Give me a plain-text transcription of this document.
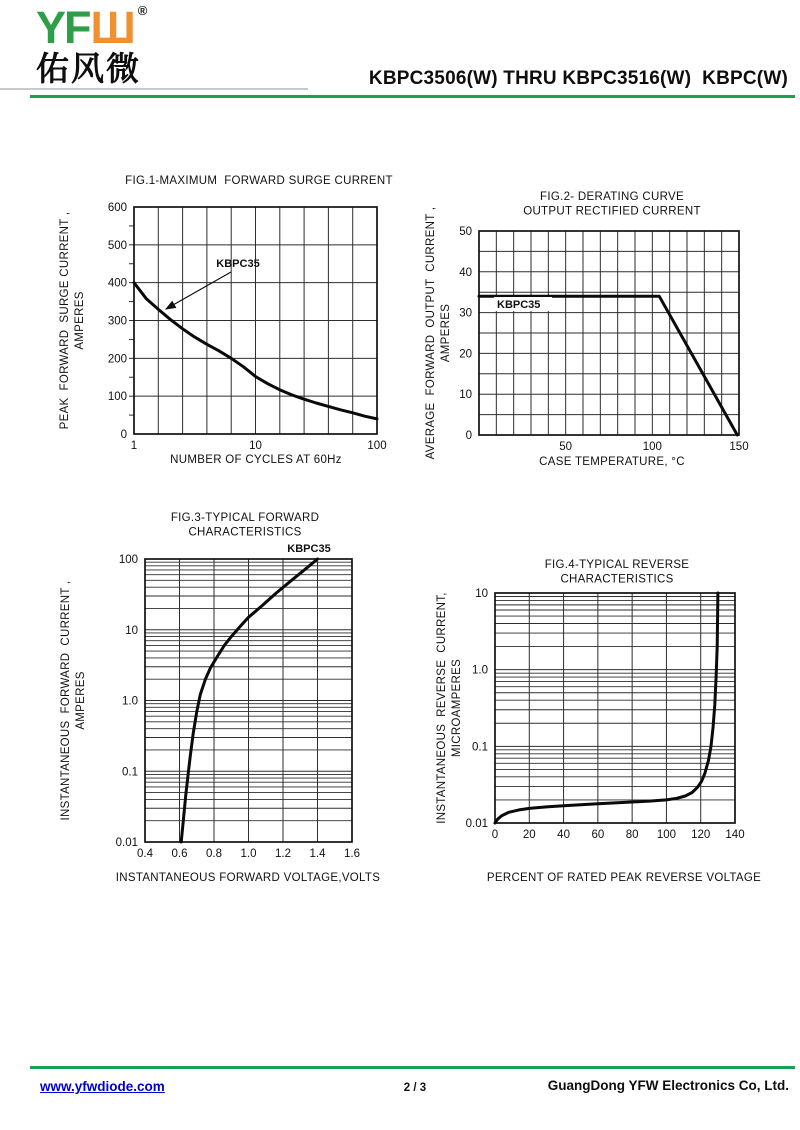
YFШ ®
佑风微	KBPC3506(W) THRU KBPC3516(W)  KBPC(W)
1	10	100
600
500
400
300
200
100
0
FIG.1-MAXIMUM  FORWARD SURGE CURRENT
NUMBER OF CYCLES AT 60Hz
PEAK  FORWARD  SURGE CURRENT , AMPERES
KBPC35
50	100	150
50
40
30
20
10
0
FIG.2- DERATING CURVE
OUTPUT RECTIFIED CURRENT
CASE TEMPERATURE, °C
AVERAGE  FORWARD  OUTPUT  CURRENT , AMPERES	KBPC35
0.4 0.6 0.8 1.0 1.2 1.4 1.6
100
10
1.0
0.1
0.01
FIG.3-TYPICAL FORWARD
CHARACTERISTICS
INSTANTANEOUS FORWARD VOLTAGE,VOLTS
INSTANTANEOUS  FORWARD  CURRENT , AMPERES
KBPC35
0 20 40 60 80 100 120 140
10
1.0
0.1
0.01
FIG.4-TYPICAL REVERSE
CHARACTERISTICS
PERCENT OF RATED PEAK REVERSE VOLTAGE
INSTANTANEOUS  REVERSE  CURRENT, MICROAMPERES
www.yfwdiode.com	2 / 3	GuangDong YFW Electronics Co, Ltd.
